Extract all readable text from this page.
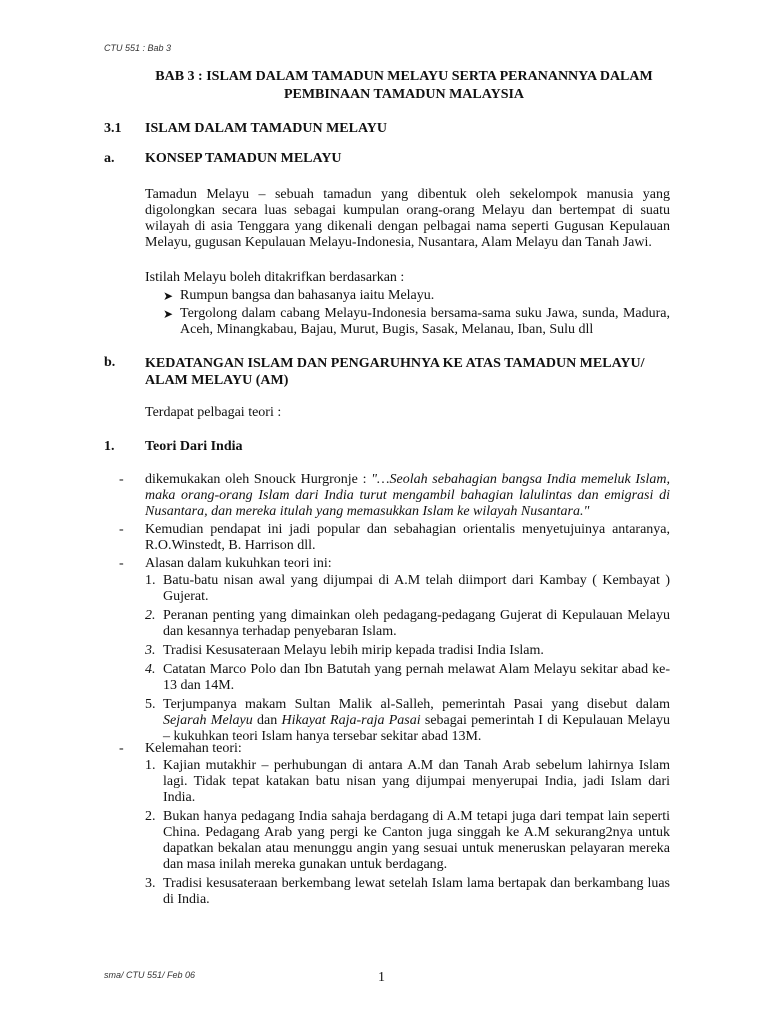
CTU 551 : Bab 3
BAB 3 : ISLAM DALAM TAMADUN MELAYU SERTA PERANANNYA DALAM
PEMBINAAN TAMADUN MALAYSIA
3.1 ISLAM DALAM TAMADUN MELAYU
a. KONSEP TAMADUN MELAYU

Tamadun Melayu – sebuah tamadun yang dibentuk oleh sekelompok manusia yang digolongkan secara luas sebagai kumpulan orang-orang Melayu dan bertempat di suatu wilayah di asia Tenggara yang dikenali dengan pelbagai nama seperti Gugusan Kepulauan Melayu, gugusan Kepulauan Melayu-Indonesia, Nusantara, Alam Melayu dan Tanah Jawi.

Istilah Melayu boleh ditakrifkan berdasarkan :
➤ Rumpun bangsa dan bahasanya iaitu Melayu.
➤ Tergolong dalam cabang Melayu-Indonesia bersama-sama suku Jawa, sunda, Madura, Aceh, Minangkabau, Bajau, Murut, Bugis, Sasak, Melanau, Iban, Sulu dll
b. KEDATANGAN ISLAM DAN PENGARUHNYA KE ATAS TAMADUN MELAYU/
ALAM MELAYU (AM)
Terdapat pelbagai teori :
1. Teori Dari India
- dikemukakan oleh Snouck Hurgronje : "…Seolah sebahagian bangsa India memeluk Islam, maka orang-orang Islam dari India turut mengambil bahagian lalulintas dan emigrasi di Nusantara, dan mereka itulah yang memasukkan Islam ke wilayah Nusantara."
- Kemudian pendapat ini jadi popular dan sebahagian orientalis menyetujuinya antaranya, R.O.Winstedt, B. Harrison dll.
- Alasan dalam kukuhkan teori ini:
1. Batu-batu nisan awal yang dijumpai di A.M telah diimport dari Kambay ( Kembayat ) Gujerat.
2. Peranan penting yang dimainkan oleh pedagang-pedagang Gujerat di Kepulauan Melayu dan kesannya terhadap penyebaran Islam.
3. Tradisi Kesusateraan Melayu lebih mirip kepada tradisi India Islam.
4. Catatan Marco Polo dan Ibn Batutah yang pernah melawat Alam Melayu sekitar abad ke-13 dan 14M.
5. Terjumpanya makam Sultan Malik al-Salleh, pemerintah Pasai yang disebut dalam Sejarah Melayu dan Hikayat Raja-raja Pasai sebagai pemerintah I di Kepulauan Melayu – kukuhkan teori Islam hanya tersebar sekitar abad 13M.
- Kelemahan teori:
1. Kajian mutakhir – perhubungan di antara A.M dan Tanah Arab sebelum lahirnya Islam lagi. Tidak tepat katakan batu nisan yang dijumpai menyerupai India, jadi Islam dari India.
2. Bukan hanya pedagang India sahaja berdagang di A.M tetapi juga dari tempat lain seperti China. Pedagang Arab yang pergi ke Canton juga singgah ke A.M sekurang2nya untuk dapatkan bekalan atau menunggu angin yang sesuai untuk meneruskan pelayaran mereka dan masa inilah mereka gunakan untuk berdagang.
3. Tradisi kesusateraan berkembang lewat setelah Islam lama bertapak dan berkambang luas di India.
sma/ CTU 551/ Feb 06	1
